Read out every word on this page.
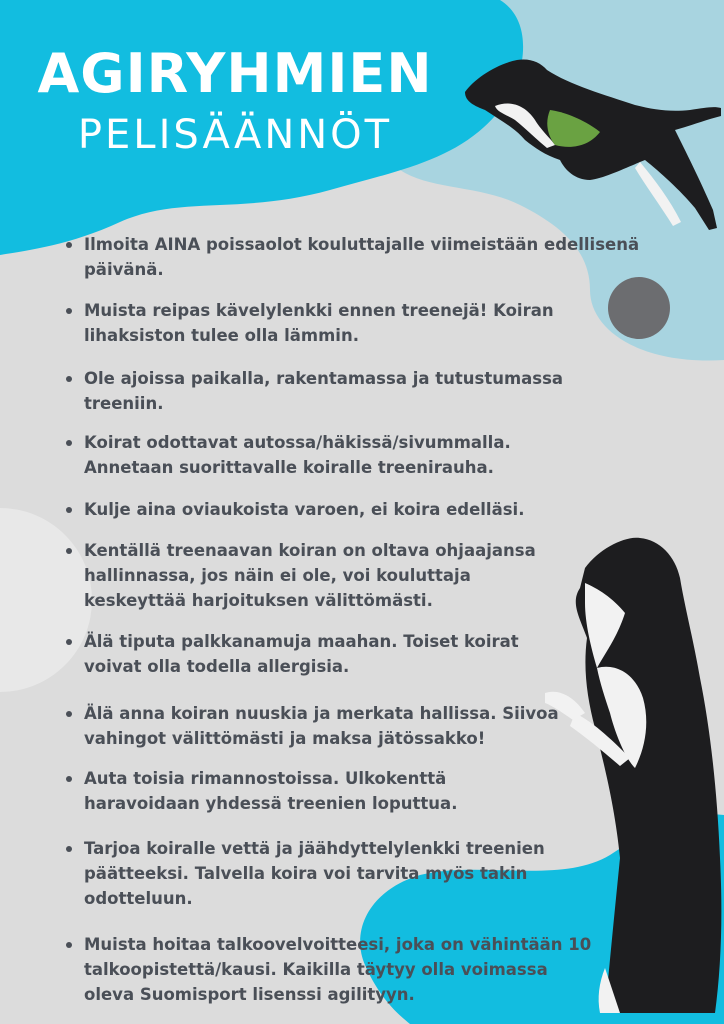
AGIRYHMIEN
PELISÄÄNNÖT
Ilmoita AINA poissaolot kouluttajalle viimeistään edellisenä
päivänä.
Muista reipas kävelylenkki ennen treenejä! Koiran
lihaksiston tulee olla lämmin.
Ole ajoissa paikalla, rakentamassa ja tutustumassa
treeniin.
Koirat odottavat autossa/häkissä/sivummalla.
Annetaan suorittavalle koiralle treenirauha.
Kulje aina oviaukoista varoen, ei koira edelläsi.
Kentällä treenaavan koiran on oltava ohjaajansa
hallinnassa, jos näin ei ole, voi kouluttaja
keskeyttää harjoituksen välittömästi.
Älä tiputa palkkanamuja maahan. Toiset koirat
voivat olla todella allergisia.
Älä anna koiran nuuskia ja merkata hallissa. Siivoa
vahingot välittömästi ja maksa jätössakko!
Auta toisia rimannostoissa. Ulkokenttä
haravoidaan yhdessä treenien loputtua.
Tarjoa koiralle vettä ja jäähdyttelylenkki treenien
päätteeksi. Talvella koira voi tarvita myös takin
odotteluun.
Muista hoitaa talkoovelvoitteesi, joka on vähintään 10
talkoopistettä/kausi. Kaikilla täytyy olla voimassa
oleva Suomisport lisenssi agilityyn.
